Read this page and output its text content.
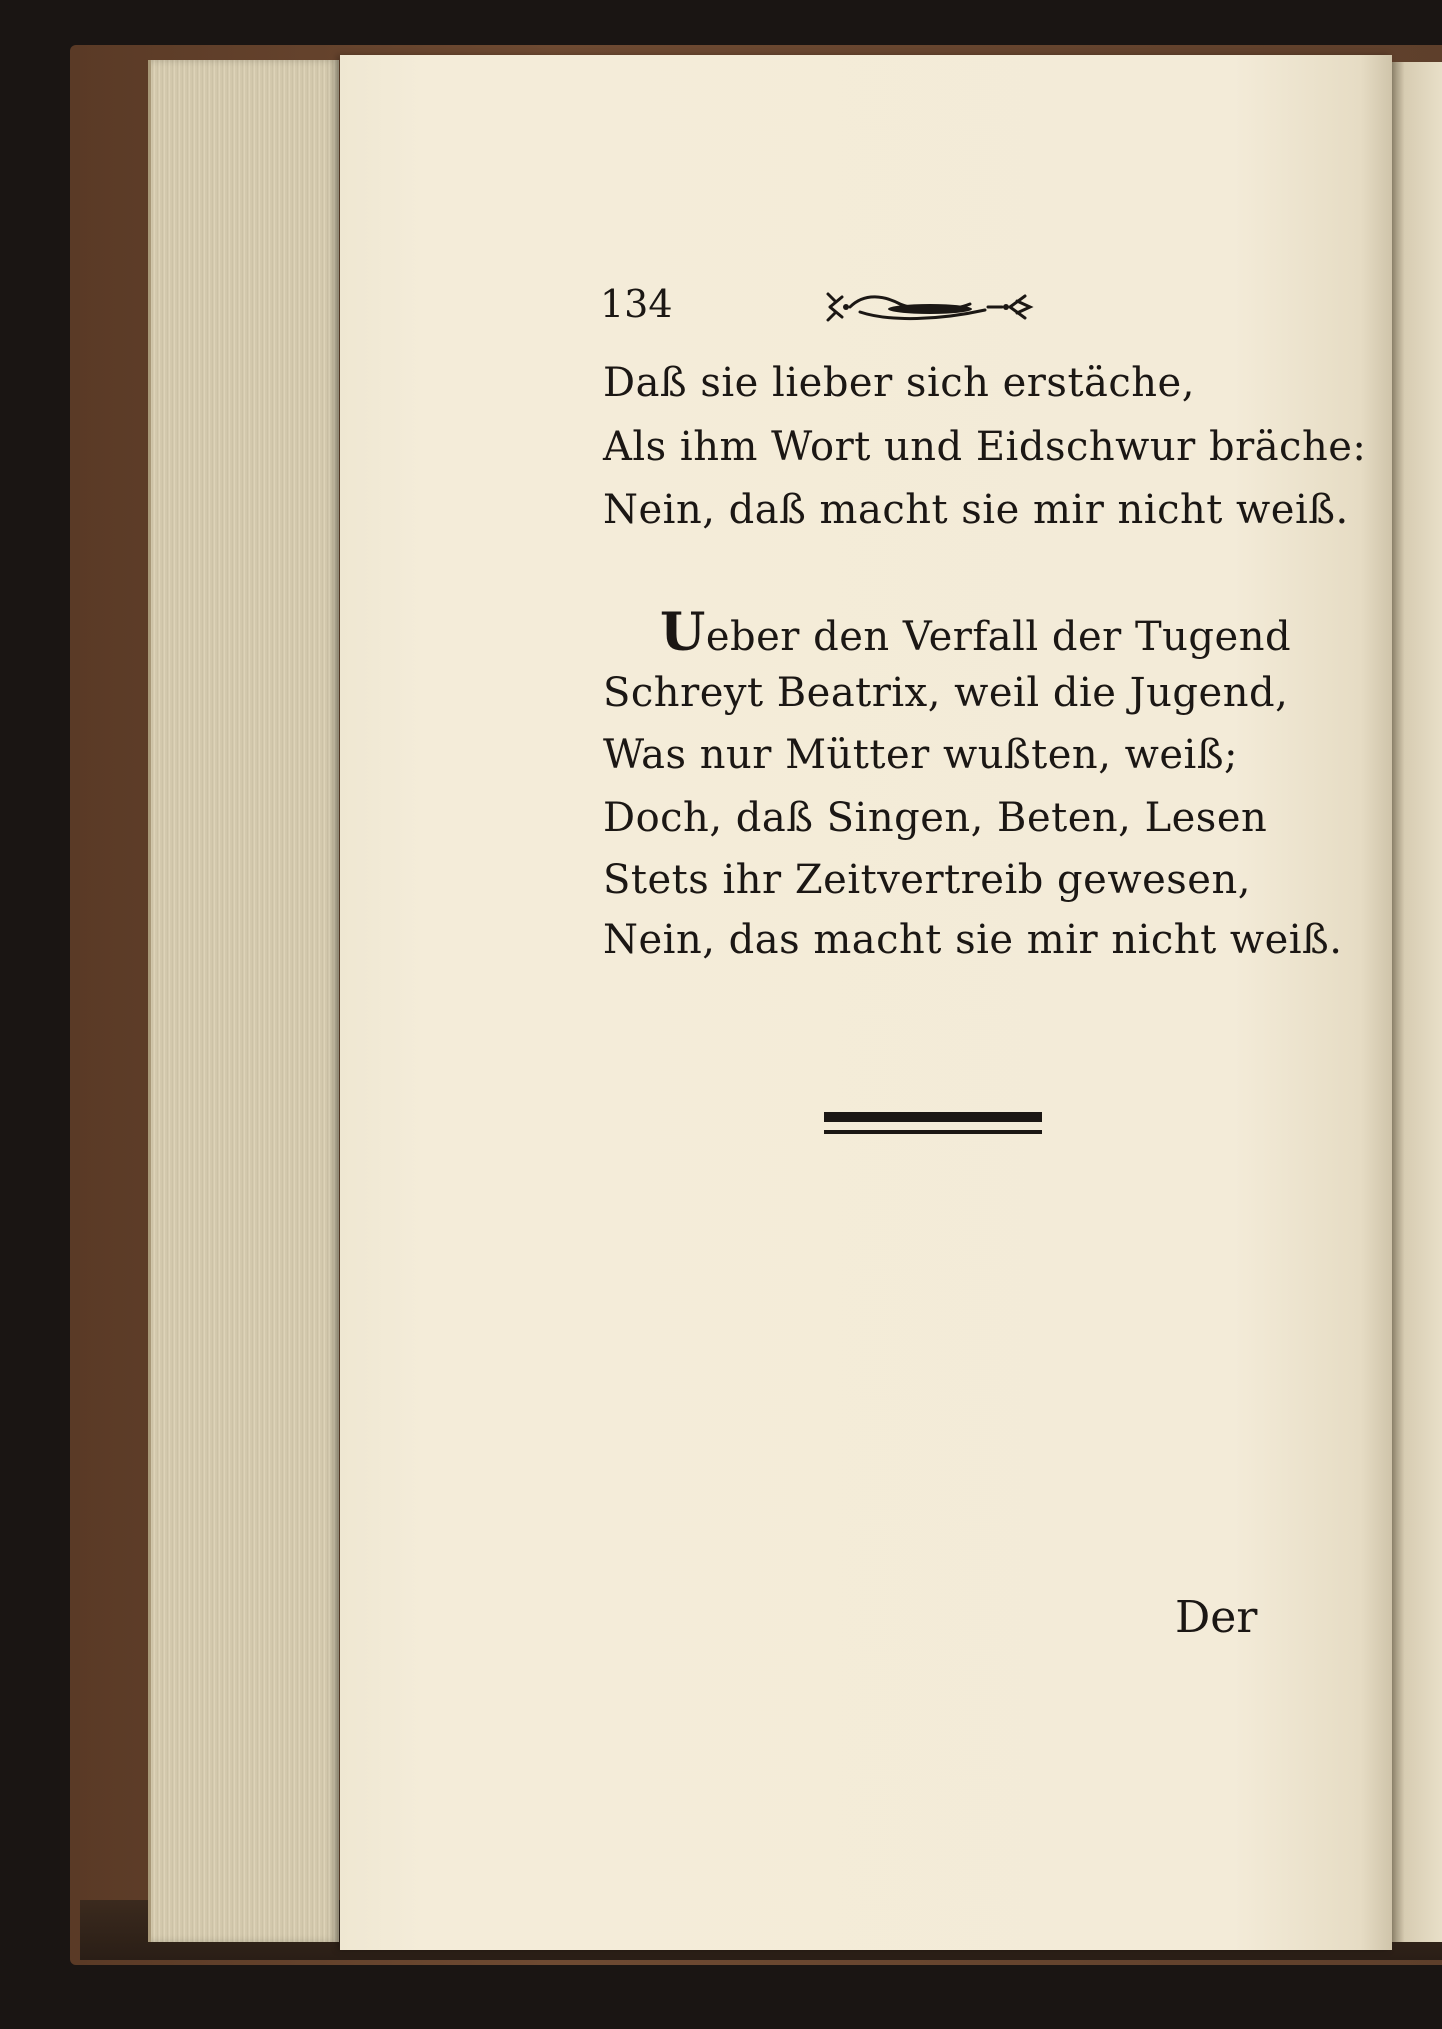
134
Daß sie lieber sich erstäche,
Als ihm Wort und Eidschwur bräche:
Nein, daß macht sie mir nicht weiß.
Ueber den Verfall der Tugend
Schreyt Beatrix, weil die Jugend,
Was nur Mütter wußten, weiß;
Doch, daß Singen, Beten, Lesen
Stets ihr Zeitvertreib gewesen,
Nein, das macht sie mir nicht weiß.
Der
